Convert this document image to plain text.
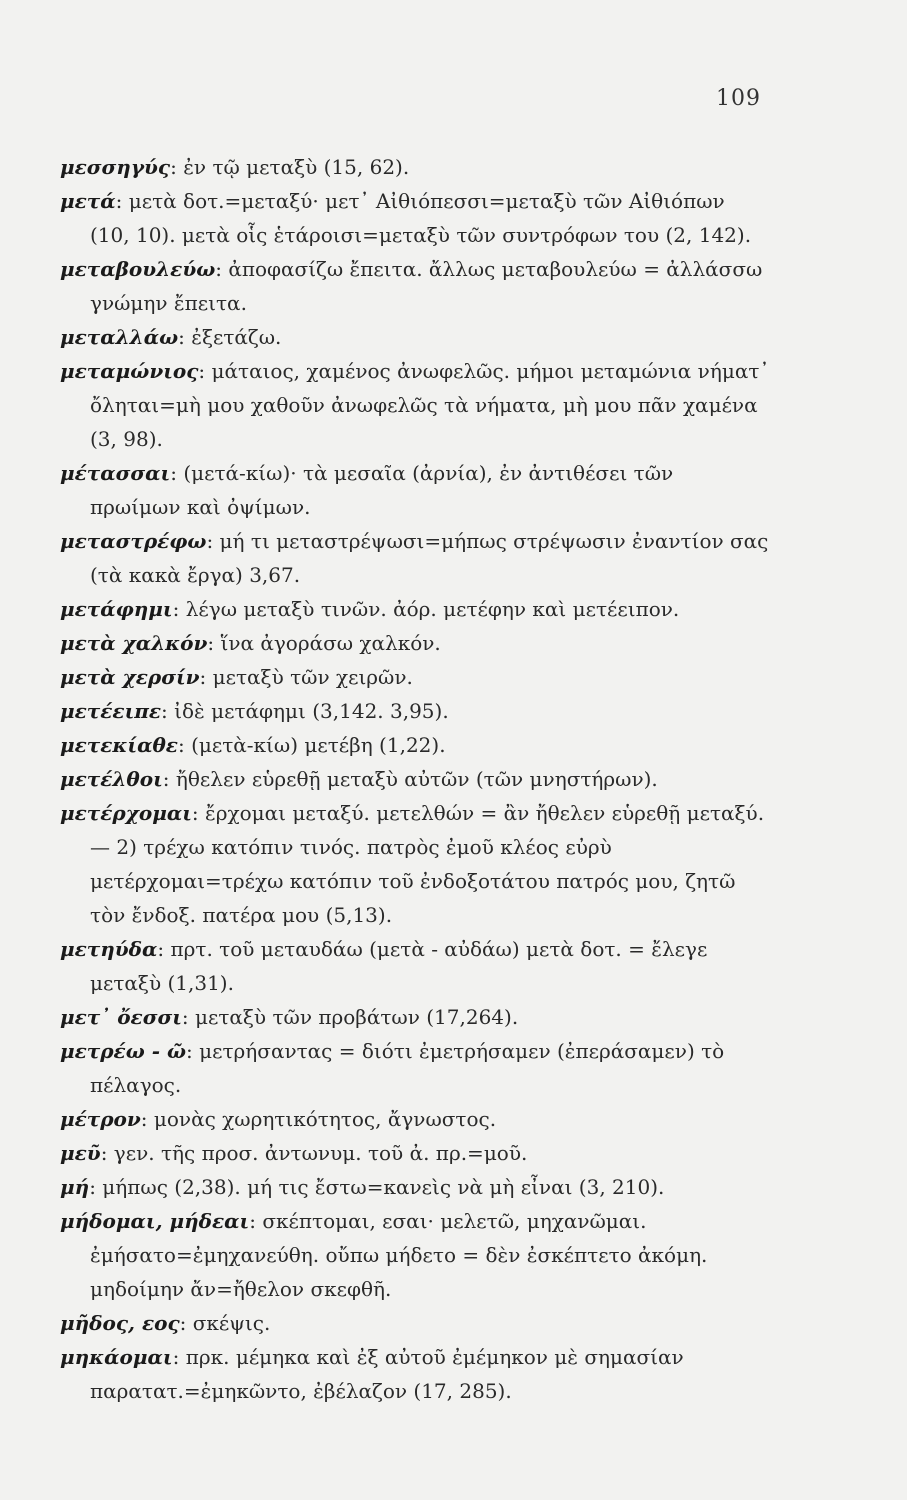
109

μεσσηγύς: ἐν τῷ μεταξὺ (15, 62).

μετά: μετὰ δοτ.=μεταξύ· μετ᾽ Αἰθιόπεσσι=μεταξὺ τῶν Αἰθιόπων (10, 10). μετὰ οἷς ἑτάροισι=μεταξὺ τῶν συντρόφων του (2, 142).

μεταβουλεύω: ἀποφασίζω ἔπειτα. ἄλλως μεταβουλεύω = ἀλλάσσω γνώμην ἔπειτα.

μεταλλάω: ἐξετάζω.

μεταμώνιος: μάταιος, χαμένος ἀνωφελῶς. μήμοι μεταμώνια νήματ᾽ ὄληται=μὴ μου χαθοῦν ἀνωφελῶς τὰ νήματα, μὴ μου πᾶν χαμένα (3, 98).

μέτασσαι: (μετά-κίω)· τὰ μεσαῖα (ἀρνία), ἐν ἀντιθέσει τῶν πρωίμων καὶ ὀψίμων.

μεταστρέφω: μή τι μεταστρέψωσι=μήπως στρέψωσιν ἐναντίον σας (τὰ κακὰ ἔργα) 3,67.

μετάφημι: λέγω μεταξὺ τινῶν. ἀόρ. μετέφην καὶ μετέειπον.

μετὰ χαλκόν: ἵνα ἀγοράσω χαλκόν.

μετὰ χερσίν: μεταξὺ τῶν χειρῶν.

μετέειπε: ἰδὲ μετάφημι (3,142. 3,95).

μετεκίαθε: (μετὰ-κίω) μετέβη (1,22).

μετέλθοι: ἤθελεν εὑρεθῇ μεταξὺ αὐτῶν (τῶν μνηστήρων).

μετέρχομαι: ἔρχομαι μεταξύ. μετελθών = ἂν ἤθελεν εὑρεθῇ μεταξύ. — 2) τρέχω κατόπιν τινός. πατρὸς ἐμοῦ κλέος εὐρὺ μετέρχομαι=τρέχω κατόπιν τοῦ ἐνδοξοτάτου πατρός μου, ζητῶ τὸν ἔνδοξ. πατέρα μου (5,13).

μετηύδα: πρτ. τοῦ μεταυδάω (μετὰ - αὐδάω) μετὰ δοτ. = ἔλεγε μεταξὺ (1,31).

μετ᾽ ὄεσσι: μεταξὺ τῶν προβάτων (17,264).

μετρέω - ῶ: μετρήσαντας = διότι ἐμετρήσαμεν (ἐπεράσαμεν) τὸ πέλαγος.

μέτρον: μονὰς χωρητικότητος, ἄγνωστος.

μεῦ: γεν. τῆς προσ. ἀντωνυμ. τοῦ ἀ. πρ.=μοῦ.

μή: μήπως (2,38). μή τις ἔστω=κανεὶς νὰ μὴ εἶναι (3, 210).

μήδομαι, μήδεαι: σκέπτομαι, εσαι· μελετῶ, μηχανῶμαι. ἐμήσατο=ἐμηχανεύθη. οὔπω μήδετο = δὲν ἐσκέπτετο ἀκόμη. μηδοίμην ἄν=ἤθελον σκεφθῆ.

μῆδος, εος: σκέψις.

μηκάομαι: πρκ. μέμηκα καὶ ἐξ αὐτοῦ ἐμέμηκον μὲ σημασίαν παρατατ.=ἐμηκῶντο, ἐβέλαζον (17, 285).
